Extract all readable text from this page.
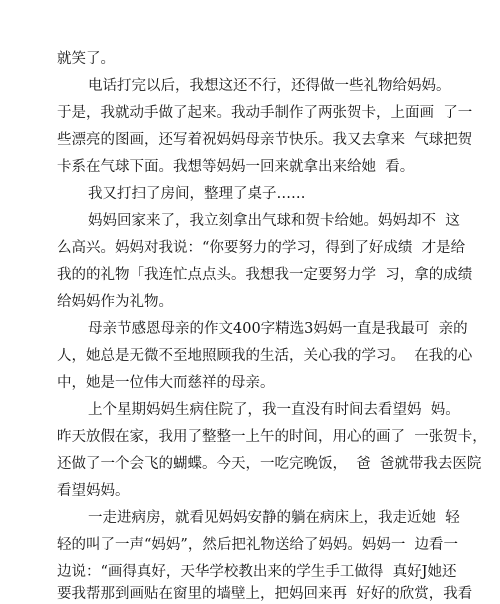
就笑了。
电话打完以后，我想这还不行，还得做一些礼物给妈妈。
于是，我就动手做了起来。我动手制作了两张贺卡，上面画  了一
些漂亮的图画，还写着祝妈妈母亲节快乐。我又去拿来  气球把贺
卡系在气球下面。我想等妈妈一回来就拿出来给她  看。
我又打扫了房间，整理了桌子……
妈妈回家来了，我立刻拿出气球和贺卡给她。妈妈却不  这
么高兴。妈妈对我说：“你要努力的学习，得到了好成绩  才是给
我的的礼物「我连忙点点头。我想我一定要努力学  习，拿的成绩
给妈妈作为礼物。
母亲节感恩母亲的作文400字精选3妈妈一直是我最可  亲的
人，她总是无微不至地照顾我的生活，关心我的学习。  在我的心
中，她是一位伟大而慈祥的母亲。
上个星期妈妈生病住院了，我一直没有时间去看望妈  妈。
昨天放假在家，我用了整整一上午的时间，用心的画了  一张贺卡，
还做了一个会飞的蝴蝶。今天，一吃完晚饭，  爸  爸就带我去医院
看望妈妈。
一走进病房，就看见妈妈安静的躺在病床上，我走近她  轻
轻的叫了一声“妈妈”，然后把礼物送给了妈妈。妈妈一  边看一
边说：“画得真好，天华学校教出来的学生手工做得  真好J她还
要我帮那到画贴在窗里的墙壁上，把妈回来再  好好的欣赏，我看
